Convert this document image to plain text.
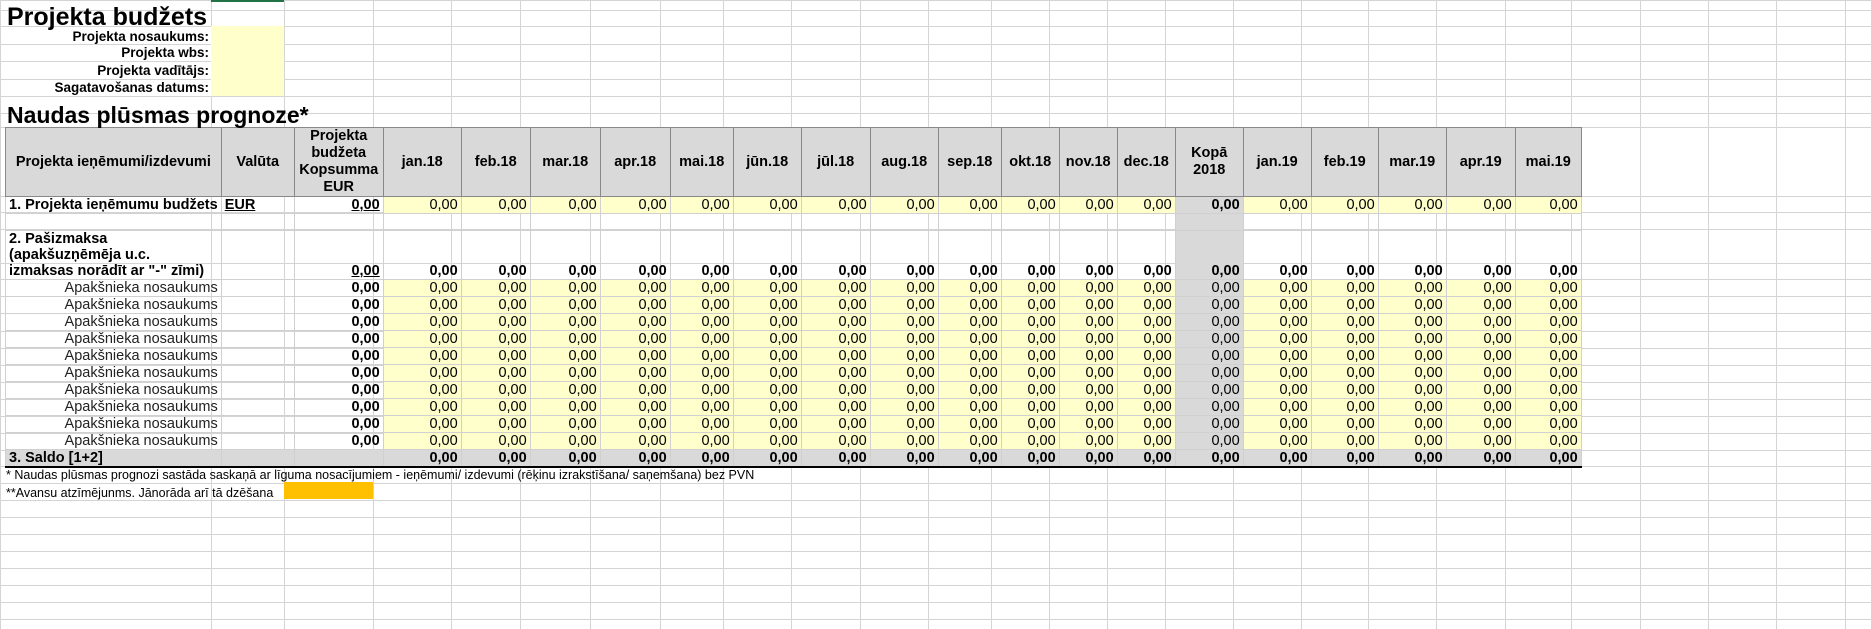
Projekta budžets
Projekta nosaukums:
Projekta wbs:
Projekta vadītājs:
Sagatavošanas datums:
Naudas plūsmas prognoze*
Projekta ieņēmumi/izdevumi	Valūta	Projekta budžeta Kopsumma EUR	jan.18	feb.18	mar.18	apr.18	mai.18	jūn.18	jūl.18	aug.18	sep.18	okt.18	nov.18	dec.18	Kopā 2018	jan.19	feb.19	mar.19	apr.19	mai.19
1. Projekta ieņēmumu budžets	EUR	0,00	0,00	0,00	0,00	0,00	0,00	0,00	0,00	0,00	0,00	0,00	0,00	0,00	0,00	0,00	0,00	0,00	0,00	0,00

2. Pašizmaksa (apakšuzņēmēja u.c. izmaksas norādīt ar "-" zīmi)		0,00	0,00	0,00	0,00	0,00	0,00	0,00	0,00	0,00	0,00	0,00	0,00	0,00	0,00	0,00	0,00	0,00	0,00	0,00
Apakšnieka nosaukums		0,00	0,00	0,00	0,00	0,00	0,00	0,00	0,00	0,00	0,00	0,00	0,00	0,00	0,00	0,00	0,00	0,00	0,00	0,00
Apakšnieka nosaukums		0,00	0,00	0,00	0,00	0,00	0,00	0,00	0,00	0,00	0,00	0,00	0,00	0,00	0,00	0,00	0,00	0,00	0,00	0,00
Apakšnieka nosaukums		0,00	0,00	0,00	0,00	0,00	0,00	0,00	0,00	0,00	0,00	0,00	0,00	0,00	0,00	0,00	0,00	0,00	0,00	0,00
Apakšnieka nosaukums		0,00	0,00	0,00	0,00	0,00	0,00	0,00	0,00	0,00	0,00	0,00	0,00	0,00	0,00	0,00	0,00	0,00	0,00	0,00
Apakšnieka nosaukums		0,00	0,00	0,00	0,00	0,00	0,00	0,00	0,00	0,00	0,00	0,00	0,00	0,00	0,00	0,00	0,00	0,00	0,00	0,00
Apakšnieka nosaukums		0,00	0,00	0,00	0,00	0,00	0,00	0,00	0,00	0,00	0,00	0,00	0,00	0,00	0,00	0,00	0,00	0,00	0,00	0,00
Apakšnieka nosaukums		0,00	0,00	0,00	0,00	0,00	0,00	0,00	0,00	0,00	0,00	0,00	0,00	0,00	0,00	0,00	0,00	0,00	0,00	0,00
Apakšnieka nosaukums		0,00	0,00	0,00	0,00	0,00	0,00	0,00	0,00	0,00	0,00	0,00	0,00	0,00	0,00	0,00	0,00	0,00	0,00	0,00
Apakšnieka nosaukums		0,00	0,00	0,00	0,00	0,00	0,00	0,00	0,00	0,00	0,00	0,00	0,00	0,00	0,00	0,00	0,00	0,00	0,00	0,00
Apakšnieka nosaukums		0,00	0,00	0,00	0,00	0,00	0,00	0,00	0,00	0,00	0,00	0,00	0,00	0,00	0,00	0,00	0,00	0,00	0,00	0,00
3. Saldo [1+2]			0,00	0,00	0,00	0,00	0,00	0,00	0,00	0,00	0,00	0,00	0,00	0,00	0,00	0,00	0,00	0,00	0,00	0,00
* Naudas plūsmas prognozi sastāda saskaņā ar līguma nosacījumiem - ieņēmumi/ izdevumi (rēķinu izrakstīšana/ saņemšana) bez PVN
**Avansu atzīmējunms. Jānorāda arī tā dzēšana
